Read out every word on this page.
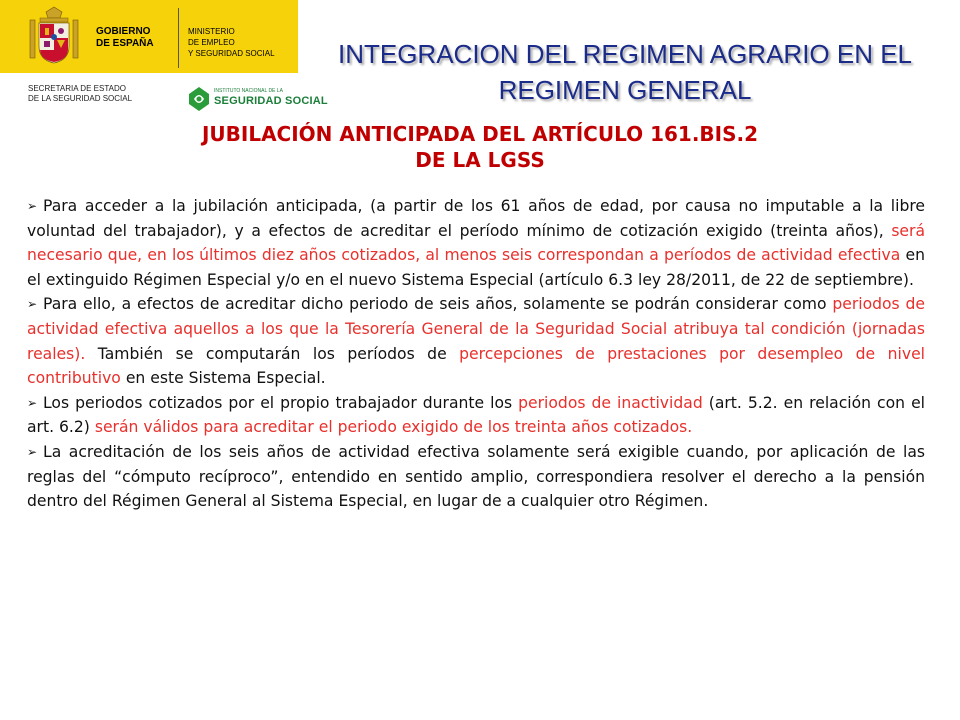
GOBIERNO
DE ESPAÑA
MINISTERIO
DE EMPLEO
Y SEGURIDAD SOCIAL
SECRETARIA DE ESTADO
DE LA SEGURIDAD SOCIAL
INSTITUTO NACIONAL DE LA
SEGURIDAD SOCIAL
INTEGRACION DEL REGIMEN AGRARIO EN EL
REGIMEN GENERAL
JUBILACIÓN ANTICIPADA DEL ARTÍCULO 161.BIS.2
DE LA LGSS

➢ Para acceder a la jubilación anticipada, (a partir de los 61 años de edad, por causa no imputable a la libre voluntad del trabajador), y a efectos de acreditar el período mínimo de cotización exigido (treinta años), será necesario que, en los últimos diez años cotizados, al menos seis correspondan a períodos de actividad efectiva en el extinguido Régimen Especial y/o en el nuevo Sistema Especial (artículo 6.3 ley 28/2011, de 22 de septiembre).

➢ Para ello, a efectos de acreditar dicho periodo de seis años, solamente se podrán considerar como periodos de actividad efectiva aquellos a los que la Tesorería General de la Seguridad Social atribuya tal condición (jornadas reales). También se computarán los períodos de percepciones de prestaciones por desempleo de nivel contributivo en este Sistema Especial.

➢ Los periodos cotizados por el propio trabajador durante los periodos de inactividad (art. 5.2. en relación con el art. 6.2) serán válidos para acreditar el periodo exigido de los treinta años cotizados.

➢ La acreditación de los seis años de actividad efectiva solamente será exigible cuando, por aplicación de las reglas del “cómputo recíproco”, entendido en sentido amplio, correspondiera resolver el derecho a la pensión dentro del Régimen General al Sistema Especial, en lugar de a cualquier otro Régimen.
